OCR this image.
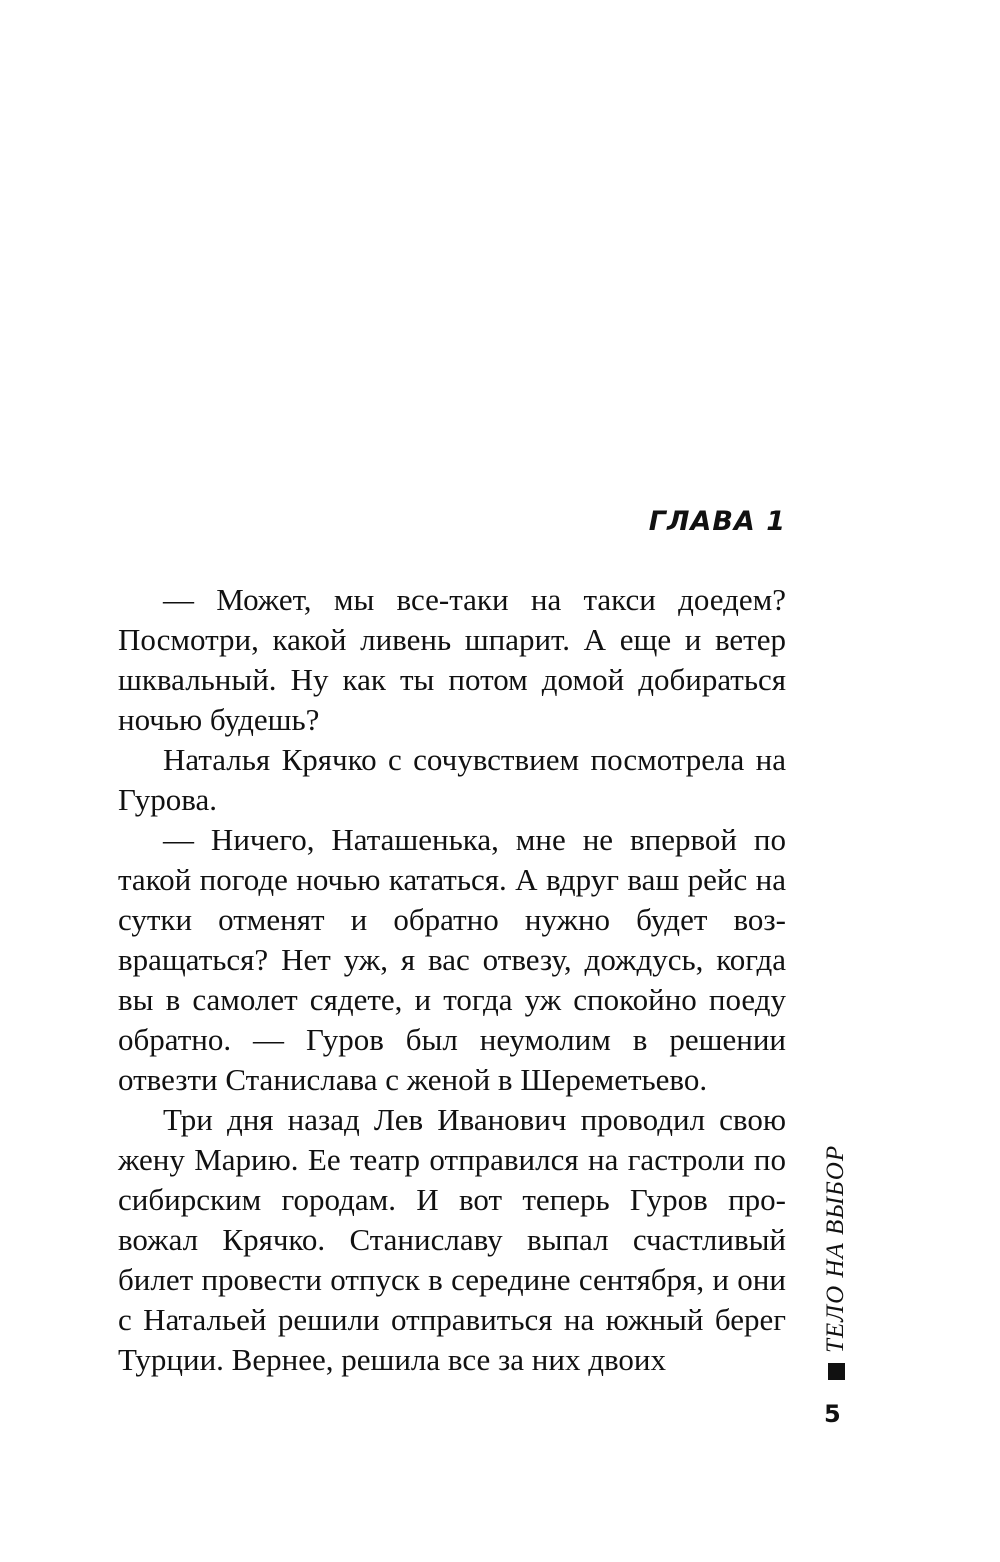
ГЛАВА 1

— Может, мы все-таки на такси доедем? Посмотри, какой ливень шпарит. А еще и ветер шквальный. Ну как ты потом домой добираться ночью будешь?

Наталья Крячко с сочувствием посмотрела на Гурова.

— Ничего, Наташенька, мне не впервой по такой погоде ночью кататься. А вдруг ваш рейс на сутки отменят и обратно нужно будет воз-вращаться? Нет уж, я вас отвезу, дождусь, когда вы в самолет сядете, и тогда уж спокойно поеду обратно. — Гуров был неумолим в решении отвезти Станислава с женой в Шереметьево.

Три дня назад Лев Иванович проводил свою жену Марию. Ее театр отправился на гастроли по сибирским городам. И вот теперь Гуров про-вожал Крячко. Станиславу выпал счастливый билет провести отпуск в середине сентября, и они с Натальей решили отправиться на южный берег Турции. Вернее, решила все за них двоих

ТЕЛО НА ВЫБОР
5
